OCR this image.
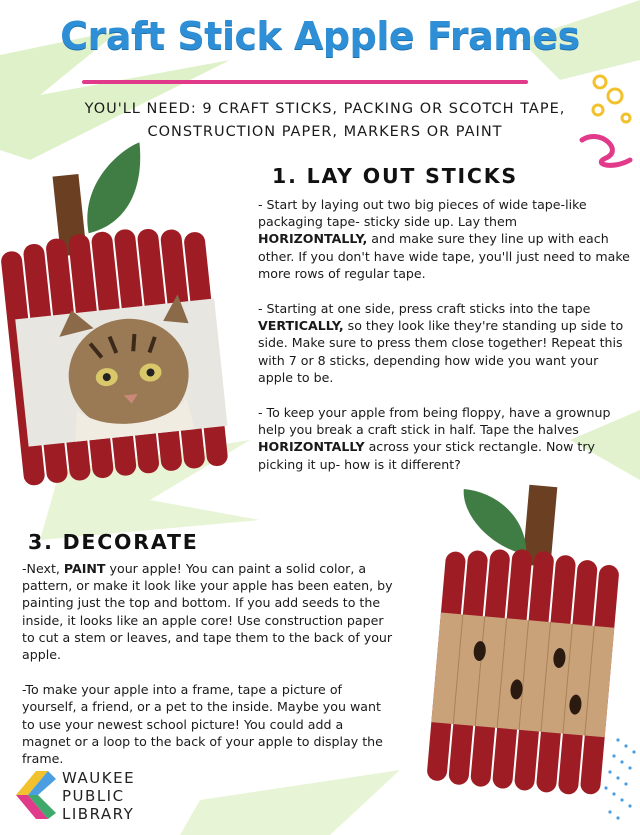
Craft Stick Apple Frames
YOU'LL NEED: 9 CRAFT STICKS, PACKING OR SCOTCH TAPE,
CONSTRUCTION PAPER, MARKERS OR PAINT
1. LAY OUT STICKS

- Start by laying out two big pieces of wide tape-like packaging tape- sticky side up. Lay them HORIZONTALLY, and make sure they line up with each other. If you don't have wide tape, you'll just need to make more rows of regular tape.

- Starting at one side, press craft sticks into the tape VERTICALLY, so they look like they're standing up side to side. Make sure to press them close together! Repeat this with 7 or 8 sticks, depending how wide you want your apple to be.

- To keep your apple from being floppy, have a grownup help you break a craft stick in half. Tape the halves HORIZONTALLY across your stick rectangle. Now try picking it up- how is it different?

3. DECORATE

-Next, PAINT your apple! You can paint a solid color, a pattern, or make it look like your apple has been eaten, by painting just the top and bottom. If you add seeds to the inside, it looks like an apple core! Use construction paper to cut a stem or leaves, and tape them to the back of your apple.

-To make your apple into a frame, tape a picture of yourself, a friend, or a pet to the inside. Maybe you want to use your newest school picture! You could add a magnet or a loop to the back of your apple to display the frame.

WAUKEE
PUBLIC
LIBRARY
